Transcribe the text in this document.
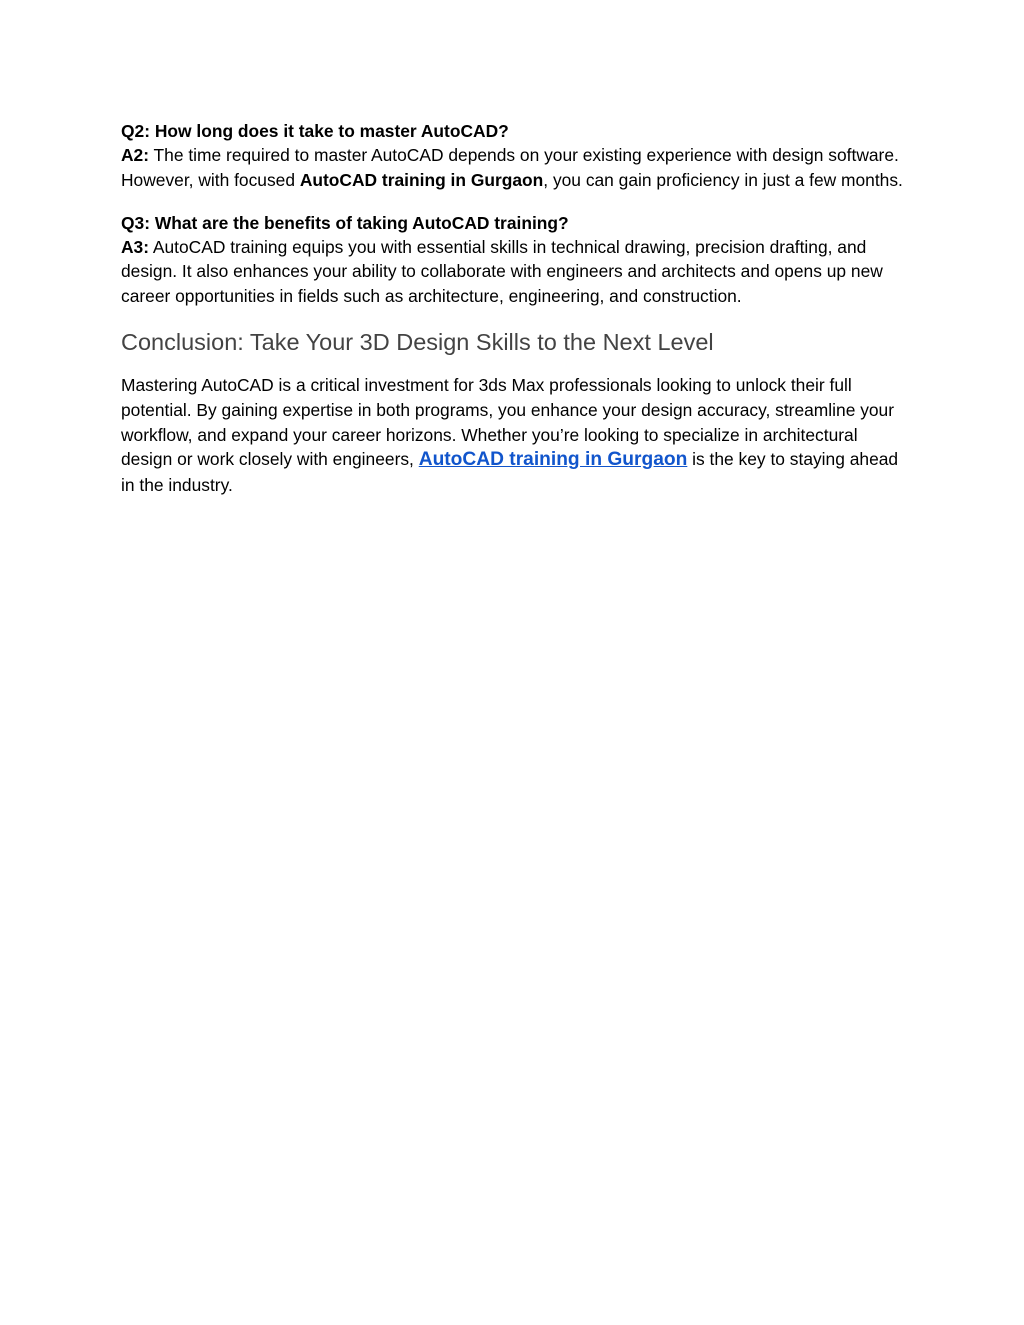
Q2: How long does it take to master AutoCAD?
A2: The time required to master AutoCAD depends on your existing experience with design software. However, with focused AutoCAD training in Gurgaon, you can gain proficiency in just a few months.
Q3: What are the benefits of taking AutoCAD training?
A3: AutoCAD training equips you with essential skills in technical drawing, precision drafting, and design. It also enhances your ability to collaborate with engineers and architects and opens up new career opportunities in fields such as architecture, engineering, and construction.
Conclusion: Take Your 3D Design Skills to the Next Level

Mastering AutoCAD is a critical investment for 3ds Max professionals looking to unlock their full potential. By gaining expertise in both programs, you enhance your design accuracy, streamline your workflow, and expand your career horizons. Whether you’re looking to specialize in architectural design or work closely with engineers, AutoCAD training in Gurgaon is the key to staying ahead in the industry.
